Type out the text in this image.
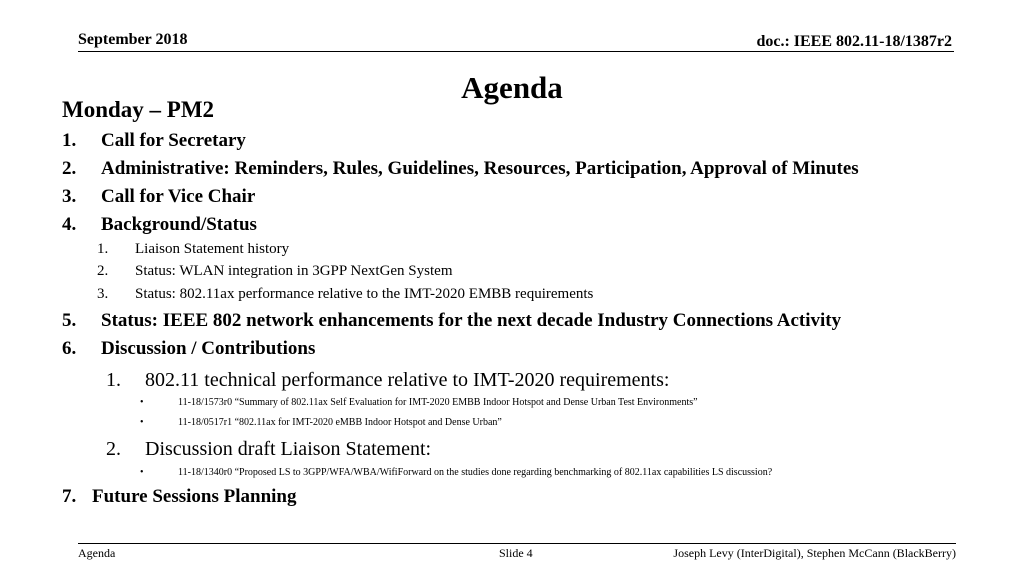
September 2018	doc.: IEEE 802.11-18/1387r2
Agenda
Monday – PM2
1. Call for Secretary
2. Administrative: Reminders, Rules, Guidelines, Resources, Participation, Approval of Minutes
3. Call for Vice Chair
4. Background/Status
1. Liaison Statement history
2. Status: WLAN integration in 3GPP NextGen System
3. Status: 802.11ax performance relative to the IMT-2020 EMBB requirements
5. Status: IEEE 802 network enhancements for the next decade Industry Connections Activity
6. Discussion / Contributions
1. 802.11 technical performance relative to IMT-2020 requirements:
•	11-18/1573r0 “Summary of 802.11ax Self Evaluation for IMT-2020 EMBB Indoor Hotspot and Dense Urban Test Environments”
•	11-18/0517r1 “802.11ax for IMT-2020 eMBB Indoor Hotspot and Dense Urban”
2. Discussion draft Liaison Statement:
•	11-18/1340r0 “Proposed LS to 3GPP/WFA/WBA/WifiForward on the studies done regarding benchmarking of 802.11ax capabilities LS discussion?
7. Future Sessions Planning
Agenda	Slide 4	Joseph Levy (InterDigital), Stephen McCann (BlackBerry)
